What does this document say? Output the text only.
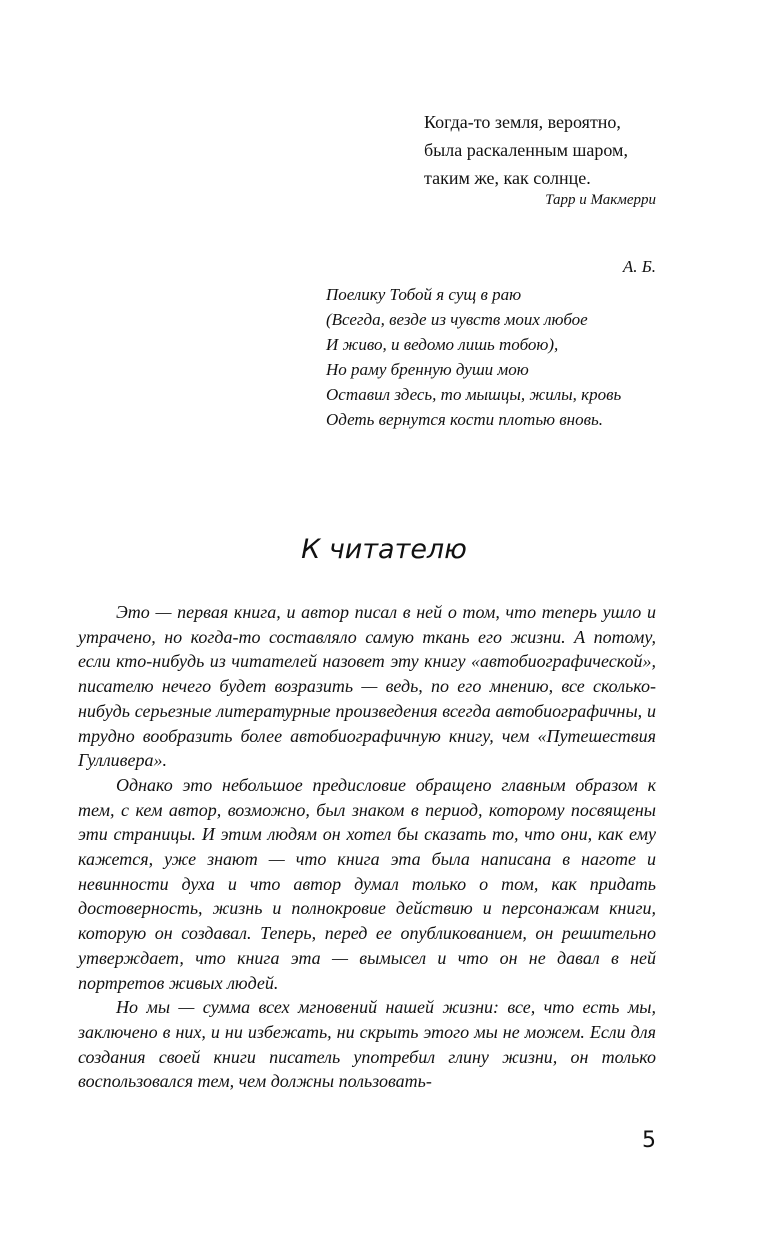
Когда-то земля, вероятно,
была раскаленным шаром,
таким же, как солнце.
Тарр и Макмерри
А. Б.
Поелику Тобой я сущ в раю
(Всегда, везде из чувств моих любое
И живо, и ведомо лишь тобою),
Но раму бренную души мою
Оставил здесь, то мышцы, жилы, кровь
Одеть вернутся кости плотью вновь.
К читателю

Это — первая книга, и автор писал в ней о том, что теперь ушло и утрачено, но когда-то составляло самую ткань его жизни. А потому, если кто-нибудь из читателей назовет эту книгу «автобиографической», писателю нечего будет возразить — ведь, по его мнению, все сколько-нибудь серьезные литературные произведения всегда автобиографичны, и трудно вообразить более автобиографичную книгу, чем «Путешествия Гулливера».

Однако это небольшое предисловие обращено главным образом к тем, с кем автор, возможно, был знаком в период, которому посвящены эти страницы. И этим людям он хотел бы сказать то, что они, как ему кажется, уже знают — что книга эта была написана в наготе и невинности духа и что автор думал только о том, как придать достоверность, жизнь и полнокровие действию и персонажам книги, которую он создавал. Теперь, перед ее опубликованием, он решительно утверждает, что книга эта — вымысел и что он не давал в ней портретов живых людей.

Но мы — сумма всех мгновений нашей жизни: все, что есть мы, заключено в них, и ни избежать, ни скрыть этого мы не можем. Если для создания своей книги писатель употребил глину жизни, он только воспользовался тем, чем должны пользовать-

5
